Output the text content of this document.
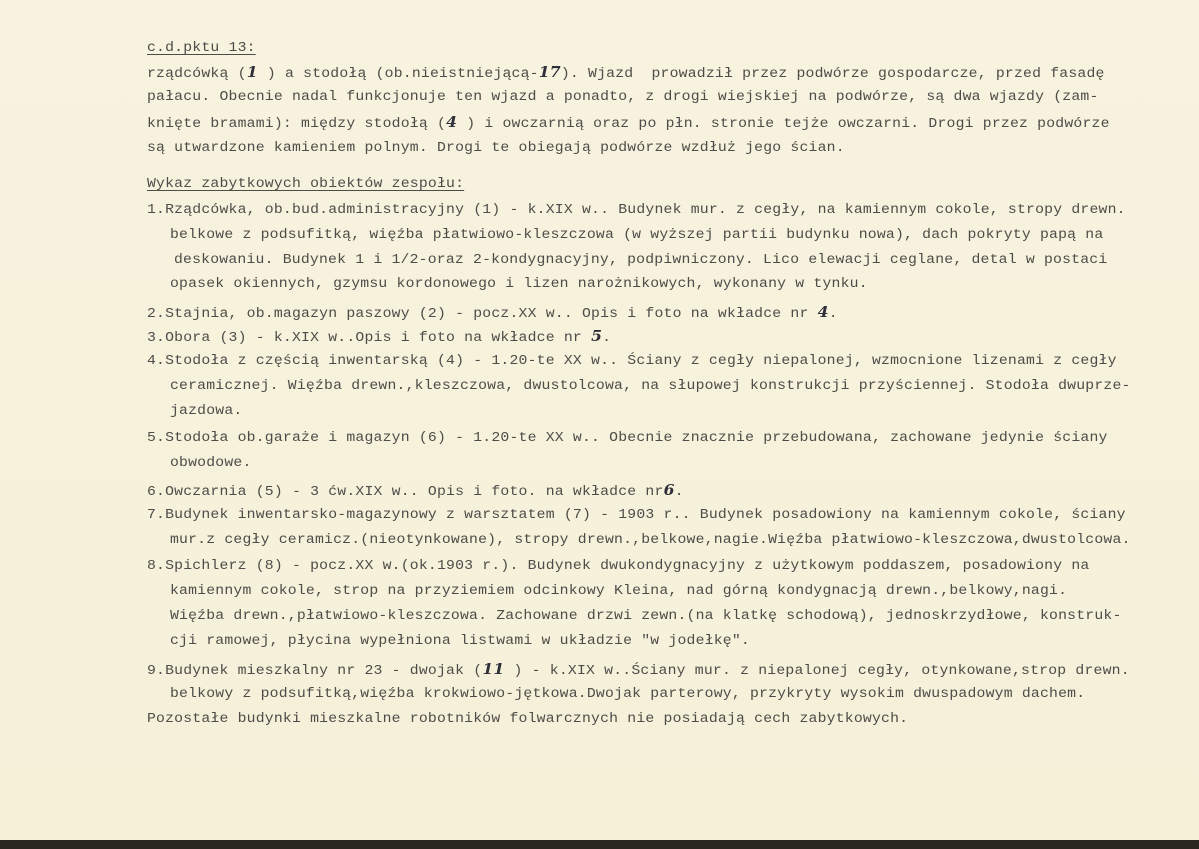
c.d.pktu 13:
rządcówką (1 ) a stodołą (ob.nieistniejącą-17). Wjazd  prowadził przez podwórze gospodarcze, przed fasadę
pałacu. Obecnie nadal funkcjonuje ten wjazd a ponadto, z drogi wiejskiej na podwórze, są dwa wjazdy (zam-
knięte bramami): między stodołą (4 ) i owczarnią oraz po płn. stronie tejże owczarni. Drogi przez podwórze
są utwardzone kamieniem polnym. Drogi te obiegają podwórze wzdłuż jego ścian.
Wykaz zabytkowych obiektów zespołu:
1.Rządcówka, ob.bud.administracyjny (1) - k.XIX w.. Budynek mur. z cegły, na kamiennym cokole, stropy drewn.
belkowe z podsufitką, więźba płatwiowo-kleszczowa (w wyższej partii budynku nowa), dach pokryty papą na
deskowaniu. Budynek 1 i 1/2-oraz 2-kondygnacyjny, podpiwniczony. Lico elewacji ceglane, detal w postaci
opasek okiennych, gzymsu kordonowego i lizen narożnikowych, wykonany w tynku.
2.Stajnia, ob.magazyn paszowy (2) - pocz.XX w.. Opis i foto na wkładce nr 4.
3.Obora (3) - k.XIX w..Opis i foto na wkładce nr 5.
4.Stodoła z częścią inwentarską (4) - 1.20-te XX w.. Ściany z cegły niepalonej, wzmocnione lizenami z cegły
ceramicznej. Więźba drewn.,kleszczowa, dwustolcowa, na słupowej konstrukcji przyściennej. Stodoła dwuprze-
jazdowa.
5.Stodoła ob.garaże i magazyn (6) - 1.20-te XX w.. Obecnie znacznie przebudowana, zachowane jedynie ściany
obwodowe.
6.Owczarnia (5) - 3 ćw.XIX w.. Opis i foto. na wkładce nr6.
7.Budynek inwentarsko-magazynowy z warsztatem (7) - 1903 r.. Budynek posadowiony na kamiennym cokole, ściany
mur.z cegły ceramicz.(nieotynkowane), stropy drewn.,belkowe,nagie.Więźba płatwiowo-kleszczowa,dwustolcowa.
8.Spichlerz (8) - pocz.XX w.(ok.1903 r.). Budynek dwukondygnacyjny z użytkowym poddaszem, posadowiony na
kamiennym cokole, strop na przyziemiem odcinkowy Kleina, nad górną kondygnacją drewn.,belkowy,nagi.
Więźba drewn.,płatwiowo-kleszczowa. Zachowane drzwi zewn.(na klatkę schodową), jednoskrzydłowe, konstruk-
cji ramowej, płycina wypełniona listwami w układzie "w jodełkę".
9.Budynek mieszkalny nr 23 - dwojak (11 ) - k.XIX w..Ściany mur. z niepalonej cegły, otynkowane,strop drewn.
belkowy z podsufitką,więźba krokwiowo-jętkowa.Dwojak parterowy, przykryty wysokim dwuspadowym dachem.
Pozostałe budynki mieszkalne robotników folwarcznych nie posiadają cech zabytkowych.
